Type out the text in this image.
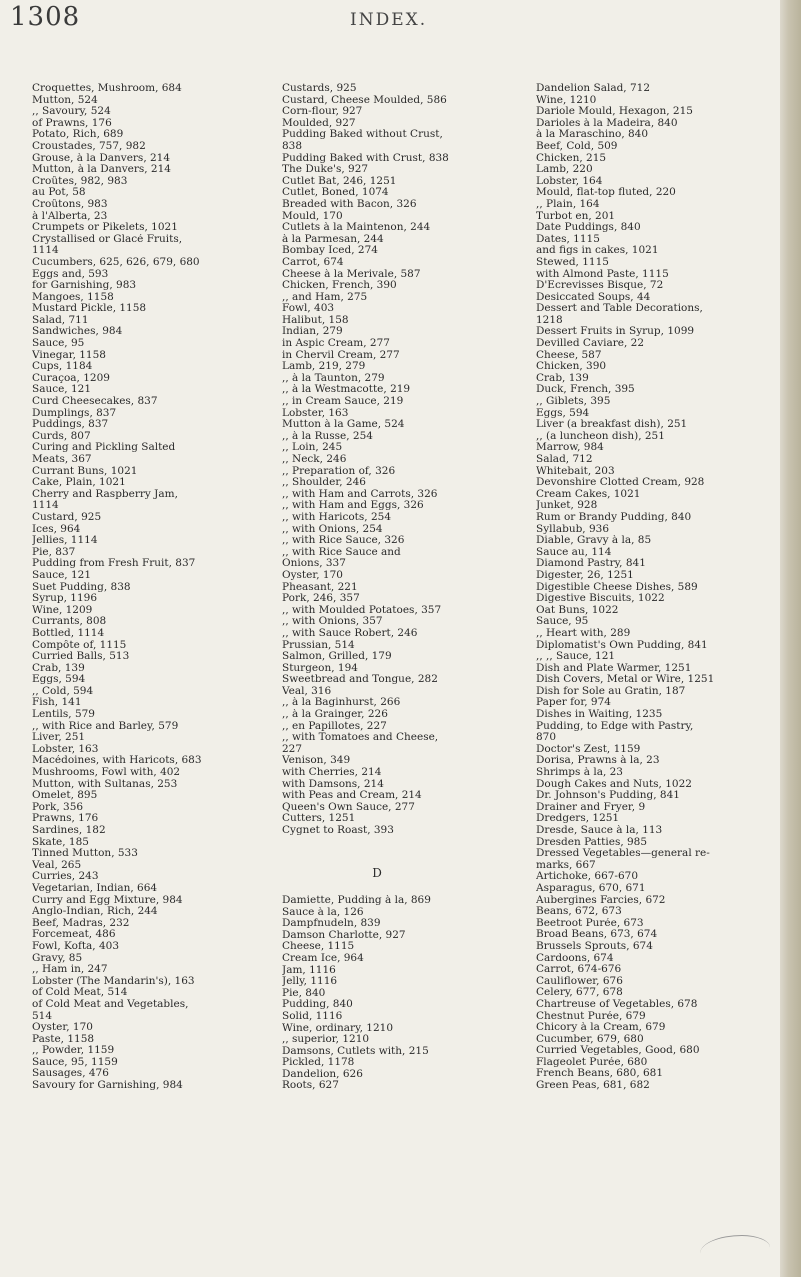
1308	INDEX.
Croquettes, Mushroom, 684
Mutton, 524
,, Savoury, 524
of Prawns, 176
Potato, Rich, 689
Croustades, 757, 982
Grouse, à la Danvers, 214
Mutton, à la Danvers, 214
Croûtes, 982, 983
au Pot, 58
Croûtons, 983
à l'Alberta, 23
Crumpets or Pikelets, 1021
Crystallised or Glacé Fruits,
1114
Cucumbers, 625, 626, 679, 680
Eggs and, 593
for Garnishing, 983
Mangoes, 1158
Mustard Pickle, 1158
Salad, 711
Sandwiches, 984
Sauce, 95
Vinegar, 1158
Cups, 1184
Curaçoa, 1209
Sauce, 121
Curd Cheesecakes, 837
Dumplings, 837
Puddings, 837
Curds, 807
Curing and Pickling Salted
Meats, 367
Currant Buns, 1021
Cake, Plain, 1021
Cherry and Raspberry Jam,
1114
Custard, 925
Ices, 964
Jellies, 1114
Pie, 837
Pudding from Fresh Fruit, 837
Sauce, 121
Suet Pudding, 838
Syrup, 1196
Wine, 1209
Currants, 808
Bottled, 1114
Compôte of, 1115
Curried Balls, 513
Crab, 139
Eggs, 594
,, Cold, 594
Fish, 141
Lentils, 579
,, with Rice and Barley, 579
Liver, 251
Lobster, 163
Macédoines, with Haricots, 683
Mushrooms, Fowl with, 402
Mutton, with Sultanas, 253
Omelet, 895
Pork, 356
Prawns, 176
Sardines, 182
Skate, 185
Tinned Mutton, 533
Veal, 265
Curries, 243
Vegetarian, Indian, 664
Curry and Egg Mixture, 984
Anglo-Indian, Rich, 244
Beef, Madras, 232
Forcemeat, 486
Fowl, Kofta, 403
Gravy, 85
,, Ham in, 247
Lobster (The Mandarin's), 163
of Cold Meat, 514
of Cold Meat and Vegetables,
514
Oyster, 170
Paste, 1158
,, Powder, 1159
Sauce, 95, 1159
Sausages, 476
Savoury for Garnishing, 984
Custards, 925
Custard, Cheese Moulded, 586
Corn-flour, 927
Moulded, 927
Pudding Baked without Crust,
838
Pudding Baked with Crust, 838
The Duke's, 927
Cutlet Bat, 246, 1251
Cutlet, Boned, 1074
Breaded with Bacon, 326
Mould, 170
Cutlets à la Maintenon, 244
à la Parmesan, 244
Bombay Iced, 274
Carrot, 674
Cheese à la Merivale, 587
Chicken, French, 390
,, and Ham, 275
Fowl, 403
Halibut, 158
Indian, 279
in Aspic Cream, 277
in Chervil Cream, 277
Lamb, 219, 279
,, à la Taunton, 279
,, à la Westmacotte, 219
,, in Cream Sauce, 219
Lobster, 163
Mutton à la Game, 524
,, à la Russe, 254
,, Loin, 245
,, Neck, 246
,, Preparation of, 326
,, Shoulder, 246
,, with Ham and Carrots, 326
,, with Ham and Eggs, 326
,, with Haricots, 254
,, with Onions, 254
,, with Rice Sauce, 326
,, with Rice Sauce and
Onions, 337
Oyster, 170
Pheasant, 221
Pork, 246, 357
,, with Moulded Potatoes, 357
,, with Onions, 357
,, with Sauce Robert, 246
Prussian, 514
Salmon, Grilled, 179
Sturgeon, 194
Sweetbread and Tongue, 282
Veal, 316
,, à la Baginhurst, 266
,, à la Grainger, 226
,, en Papillotes, 227
,, with Tomatoes and Cheese,
227
Venison, 349
with Cherries, 214
with Damsons, 214
with Peas and Cream, 214
Queen's Own Sauce, 277
Cutters, 1251
Cygnet to Roast, 393

D

Damiette, Pudding à la, 869
Sauce à la, 126
Dampfnudeln, 839
Damson Charlotte, 927
Cheese, 1115
Cream Ice, 964
Jam, 1116
Jelly, 1116
Pie, 840
Pudding, 840
Solid, 1116
Wine, ordinary, 1210
,, superior, 1210
Damsons, Cutlets with, 215
Pickled, 1178
Dandelion, 626
Roots, 627
Dandelion Salad, 712
Wine, 1210
Dariole Mould, Hexagon, 215
Darioles à la Madeira, 840
à la Maraschino, 840
Beef, Cold, 509
Chicken, 215
Lamb, 220
Lobster, 164
Mould, flat-top fluted, 220
,, Plain, 164
Turbot en, 201
Date Puddings, 840
Dates, 1115
and figs in cakes, 1021
Stewed, 1115
with Almond Paste, 1115
D'Ecrevisses Bisque, 72
Desiccated Soups, 44
Dessert and Table Decorations,
1218
Dessert Fruits in Syrup, 1099
Devilled Caviare, 22
Cheese, 587
Chicken, 390
Crab, 139
Duck, French, 395
,, Giblets, 395
Eggs, 594
Liver (a breakfast dish), 251
,, (a luncheon dish), 251
Marrow, 984
Salad, 712
Whitebait, 203
Devonshire Clotted Cream, 928
Cream Cakes, 1021
Junket, 928
Rum or Brandy Pudding, 840
Syllabub, 936
Diable, Gravy à la, 85
Sauce au, 114
Diamond Pastry, 841
Digester, 26, 1251
Digestible Cheese Dishes, 589
Digestive Biscuits, 1022
Oat Buns, 1022
Sauce, 95
,, Heart with, 289
Diplomatist's Own Pudding, 841
,, ,, Sauce, 121
Dish and Plate Warmer, 1251
Dish Covers, Metal or Wire, 1251
Dish for Sole au Gratin, 187
Paper for, 974
Dishes in Waiting, 1235
Pudding, to Edge with Pastry,
870
Doctor's Zest, 1159
Dorisa, Prawns à la, 23
Shrimps à la, 23
Dough Cakes and Nuts, 1022
Dr. Johnson's Pudding, 841
Drainer and Fryer, 9
Dredgers, 1251
Dresde, Sauce à la, 113
Dresden Patties, 985
Dressed Vegetables—general re-
marks, 667
Artichoke, 667-670
Asparagus, 670, 671
Aubergines Farcies, 672
Beans, 672, 673
Beetroot Purée, 673
Broad Beans, 673, 674
Brussels Sprouts, 674
Cardoons, 674
Carrot, 674-676
Cauliflower, 676
Celery, 677, 678
Chartreuse of Vegetables, 678
Chestnut Purée, 679
Chicory à la Cream, 679
Cucumber, 679, 680
Curried Vegetables, Good, 680
Flageolet Purée, 680
French Beans, 680, 681
Green Peas, 681, 682
